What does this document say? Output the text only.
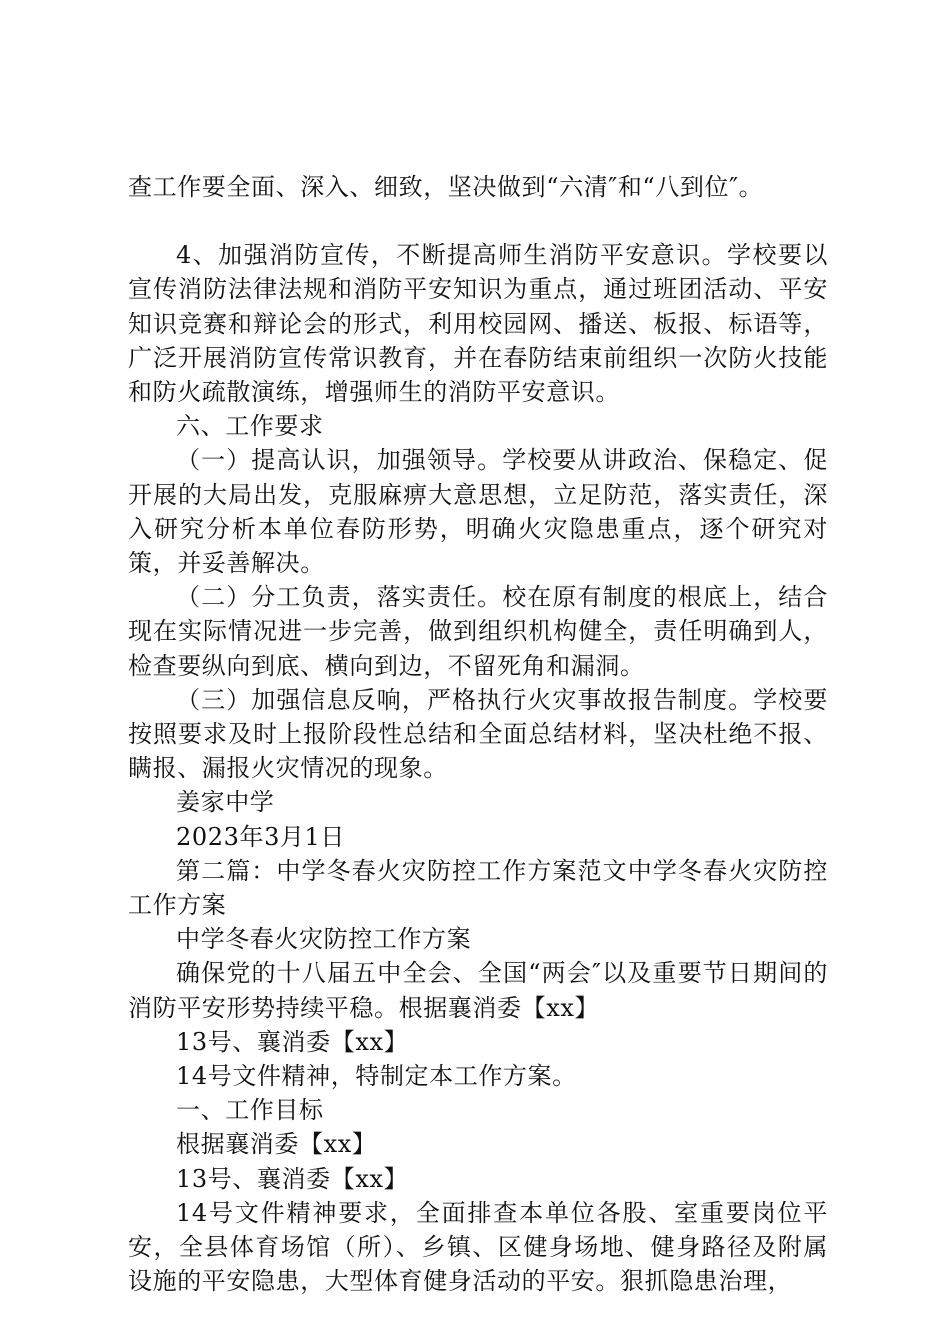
查工作要全面、深入、细致，坚决做到“六清″和“八到位″。

4、加强消防宣传，不断提高师生消防平安意识。学校要以宣传消防法律法规和消防平安知识为重点，通过班团活动、平安知识竞赛和辩论会的形式，利用校园网、播送、板报、标语等，广泛开展消防宣传常识教育，并在春防结束前组织一次防火技能和防火疏散演练，增强师生的消防平安意识。

六、工作要求

（一）提高认识，加强领导。学校要从讲政治、保稳定、促开展的大局出发，克服麻痹大意思想，立足防范，落实责任，深入研究分析本单位春防形势，明确火灾隐患重点，逐个研究对策，并妥善解决。

（二）分工负责，落实责任。校在原有制度的根底上，结合现在实际情况进一步完善，做到组织机构健全，责任明确到人，检查要纵向到底、横向到边，不留死角和漏洞。

（三）加强信息反响，严格执行火灾事故报告制度。学校要按照要求及时上报阶段性总结和全面总结材料，坚决杜绝不报、瞒报、漏报火灾情况的现象。

姜家中学

2023年3月1日

第二篇：中学冬春火灾防控工作方案范文中学冬春火灾防控工作方案

中学冬春火灾防控工作方案

确保党的十八届五中全会、全国“两会″以及重要节日期间的消防平安形势持续平稳。根据襄消委【xx】

13号、襄消委【xx】

14号文件精神，特制定本工作方案。

一、工作目标

根据襄消委【xx】

13号、襄消委【xx】

14号文件精神要求，全面排查本单位各股、室重要岗位平安，全县体育场馆（所）、乡镇、区健身场地、健身路径及附属设施的平安隐患，大型体育健身活动的平安。狠抓隐患治理，
